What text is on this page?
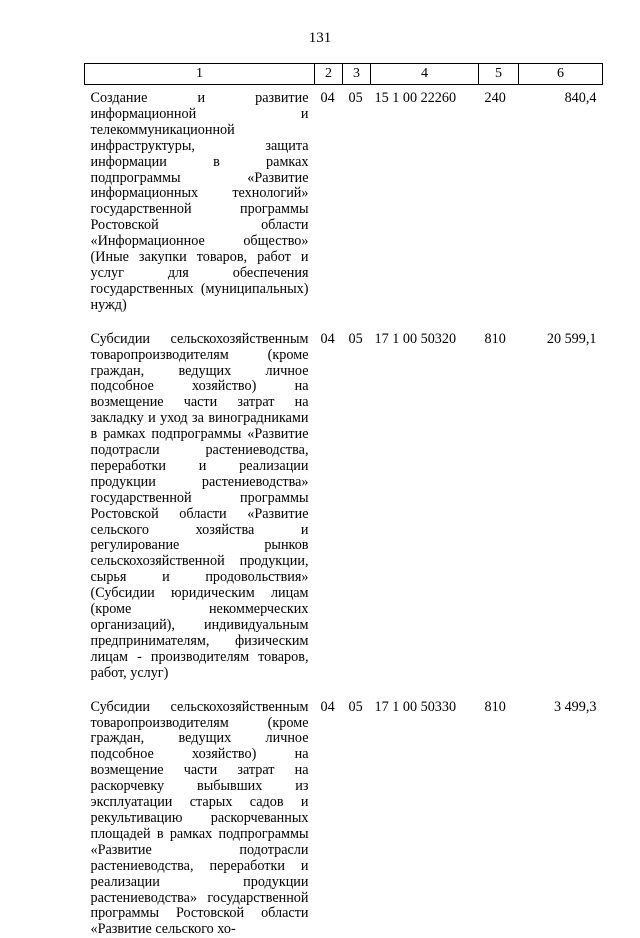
131
1	2	3	4	5	6
Создание и развитие информационной и телекоммуникационной инфраструктуры, защита информации в рамках подпрограммы «Развитие информационных технологий» государственной программы Ростовской области «Информационное общество» (Иные закупки товаров, работ и услуг для обеспечения государственных (муниципальных) нужд)	04	05	15 1 00 22260	240	840,4
Субсидии сельскохозяйственным товаропроизводителям (кроме граждан, ведущих личное подсобное хозяйство) на возмещение части затрат на закладку и уход за виноградниками в рамках подпрограммы «Развитие подотрасли растениеводства, переработки и реализации продукции растениеводства» государственной программы Ростовской области «Развитие сельского хозяйства и регулирование рынков сельскохозяйственной продукции, сырья и продовольствия» (Субсидии юридическим лицам (кроме некоммерческих организаций), индивидуальным предпринимателям, физическим лицам - производителям товаров, работ, услуг)	04	05	17 1 00 50320	810	20 599,1
Субсидии сельскохозяйственным товаропроизводителям (кроме граждан, ведущих личное подсобное хозяйство) на возмещение части затрат на раскорчевку выбывших из эксплуатации старых садов и рекультивацию раскорчеванных площадей в рамках подпрограммы «Развитие подотрасли растениеводства, переработки и реализации продукции растениеводства» государственной программы Ростовской области «Развитие сельского хо-	04	05	17 1 00 50330	810	3 499,3
